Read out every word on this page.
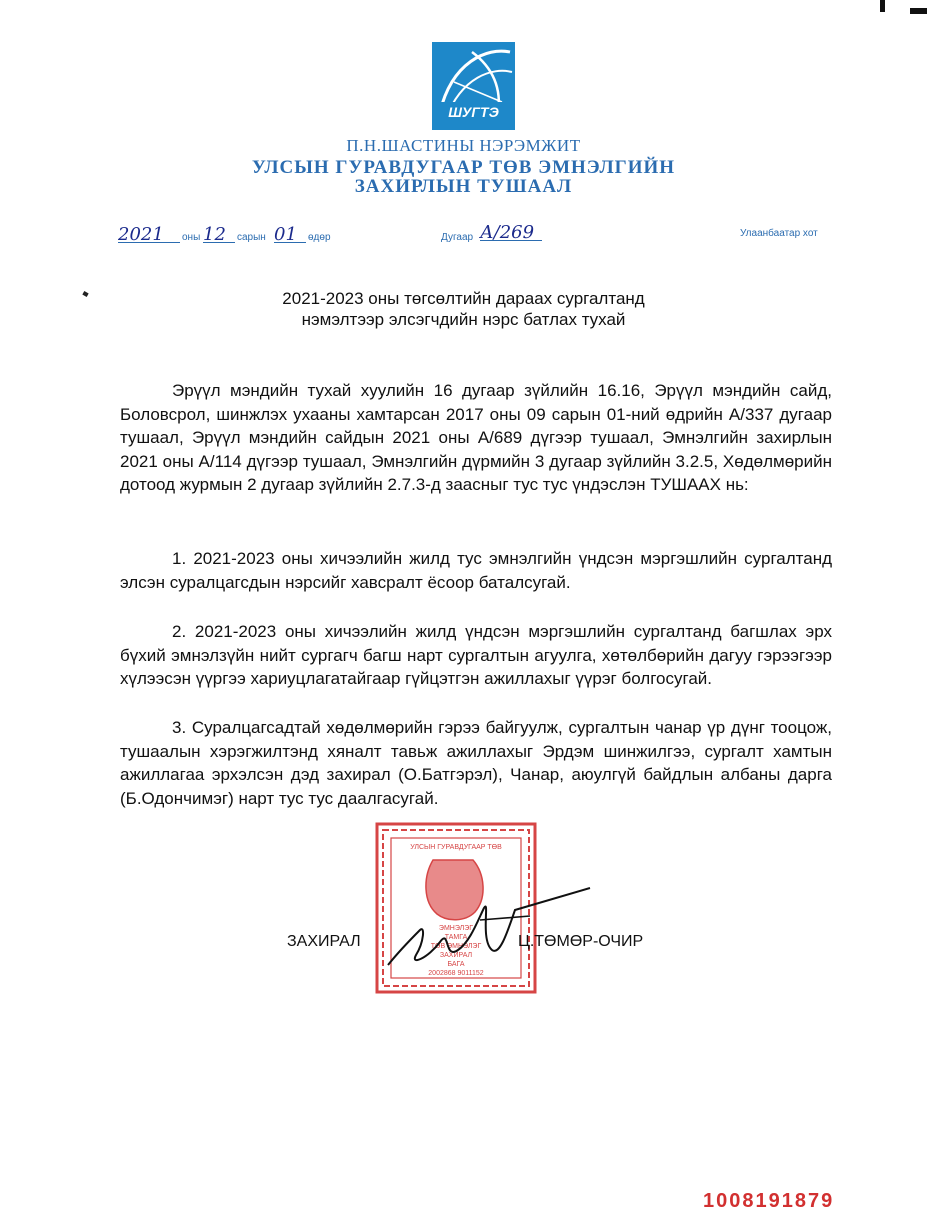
ШУГТЭ
П.Н.ШАСТИНЫ НЭРЭМЖИТ
УЛСЫН ГУРАВДУГААР ТӨВ ЭМНЭЛГИЙН
ЗАХИРЛЫН ТУШААЛ
2021	оны 12	сарын 01	өдөр	Дугаар А/269	Улаанбаатар хот
2021-2023 оны төгсөлтийн дараах сургалтанд
нэмэлтээр элсэгчдийн нэрс батлах тухай
Эрүүл мэндийн тухай хуулийн 16 дугаар зүйлийн 16.16, Эрүүл мэндийн сайд, Боловсрол, шинжлэх ухааны хамтарсан 2017 оны 09 сарын 01-ний өдрийн А/337 дугаар тушаал, Эрүүл мэндийн сайдын 2021 оны А/689 дүгээр тушаал, Эмнэлгийн захирлын 2021 оны А/114 дүгээр тушаал, Эмнэлгийн дүрмийн 3 дугаар зүйлийн 3.2.5, Хөдөлмөрийн дотоод журмын 2 дугаар зүйлийн 2.7.3-д заасныг тус тус үндэслэн ТУШААХ нь:
1. 2021-2023 оны хичээлийн жилд тус эмнэлгийн үндсэн мэргэшлийн сургалтанд элсэн суралцагсдын нэрсийг хавсралт ёсоор баталсугай.
2. 2021-2023 оны хичээлийн жилд үндсэн мэргэшлийн сургалтанд багшлах эрх бүхий эмнэлзүйн нийт сургагч багш нарт сургалтын агуулга, хөтөлбөрийн дагуу гэрээгээр хүлээсэн үүргээ хариуцлагатайгаар гүйцэтгэн ажиллахыг үүрэг болгосугай.
3. Суралцагсадтай хөдөлмөрийн гэрээ байгуулж, сургалтын чанар үр дүнг тооцож, тушаалын хэрэгжилтэнд хяналт тавьж ажиллахыг Эрдэм шинжилгээ, сургалт хамтын ажиллагаа эрхэлсэн дэд захирал (О.Батгэрэл), Чанар, аюулгүй байдлын албаны дарга (Б.Одончимэг) нарт тус тус даалгасугай.
УЛСЫН ГУРАВДУГААР ТӨВ
ЭМНЭЛЭГ
ТАМГА
ТӨВ ЭМНЭЛЭГ
ЗАХИРАЛ
БАГА
2002868 9011152
ЗАХИРАЛ	Ц.ТӨМӨР-ОЧИР
1008191879
